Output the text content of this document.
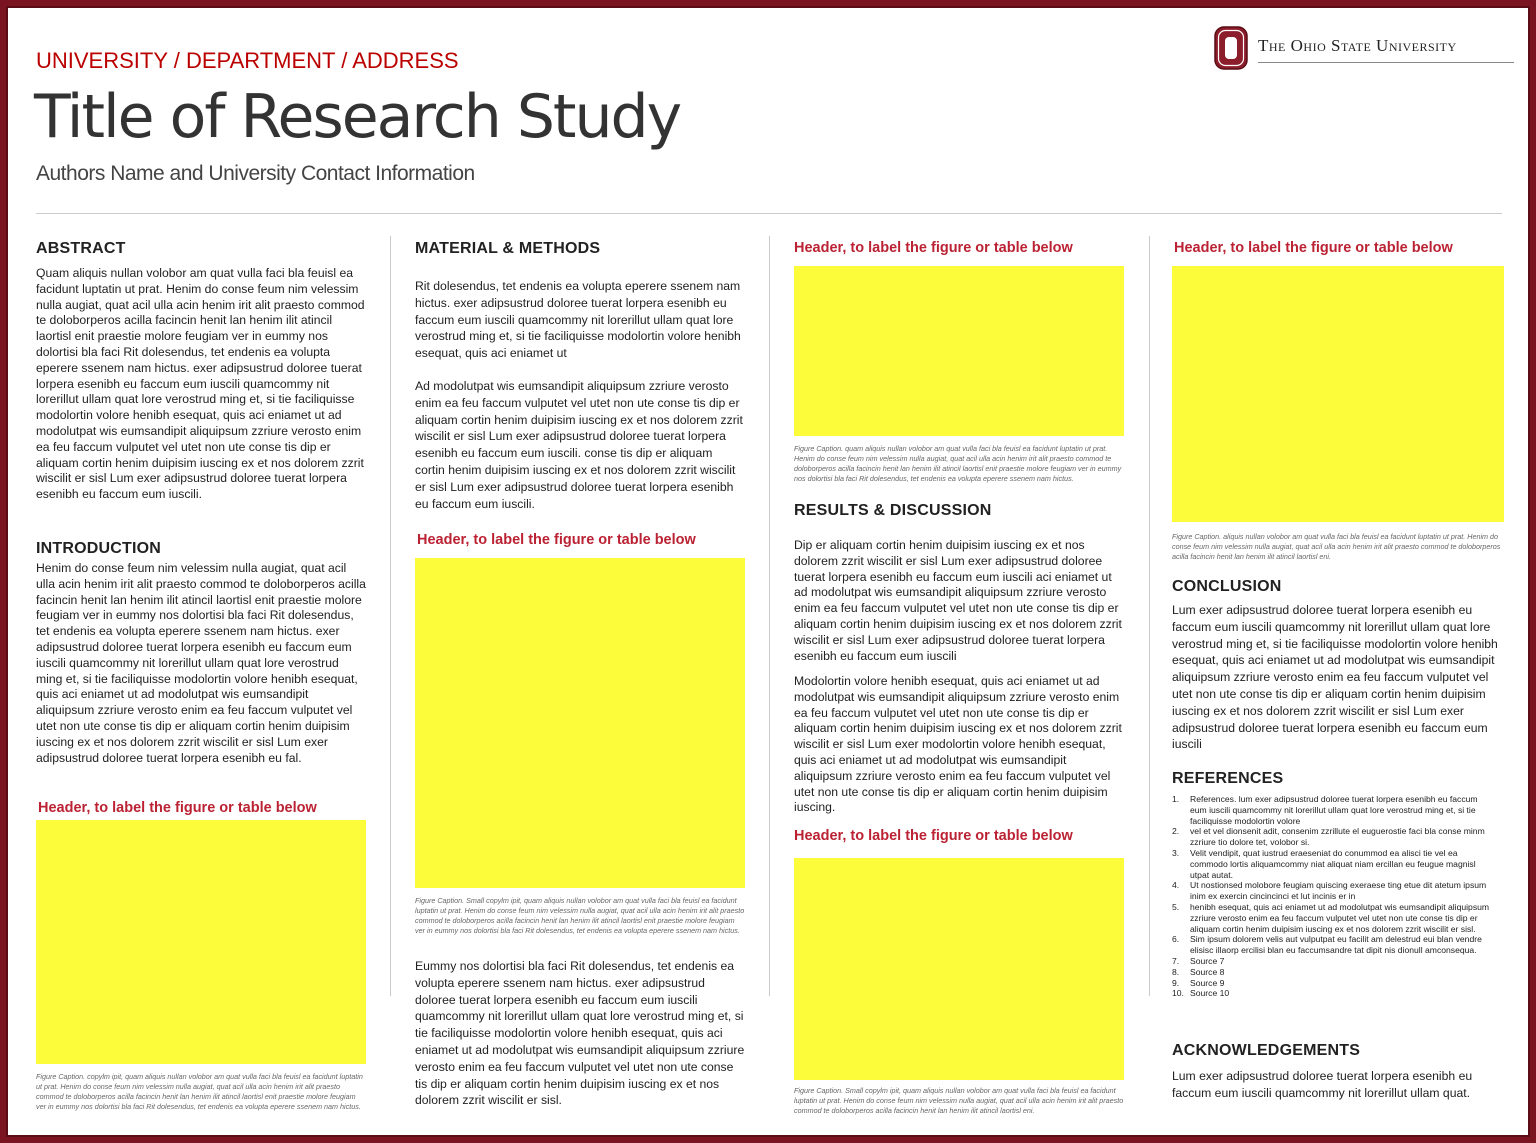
UNIVERSITY / DEPARTMENT / ADDRESS
Title of Research Study
Authors Name and University Contact Information
The Ohio State University
ABSTRACT
Quam aliquis nullan volobor am quat vulla faci bla feuisl ea facidunt luptatin ut prat. Henim do conse feum nim velessim nulla augiat, quat acil ulla acin henim irit alit praesto commod te doloborperos acilla facincin henit lan henim ilit atincil laortisl enit praestie molore feugiam ver in eummy nos dolortisi bla faci Rit dolesendus, tet endenis ea volupta eperere ssenem nam hictus. exer adipsustrud doloree tuerat lorpera esenibh eu faccum eum iuscili quamcommy nit lorerillut ullam quat lore verostrud ming et, si tie faciliquisse modolortin volore henibh esequat, quis aci eniamet ut ad modolutpat wis eumsandipit aliquipsum zzriure verosto enim ea feu faccum vulputet vel utet non ute conse tis dip er aliquam cortin henim duipisim iuscing ex et nos dolorem zzrit wiscilit er sisl Lum exer adipsustrud doloree tuerat lorpera esenibh eu faccum eum iuscili.
INTRODUCTION
Henim do conse feum nim velessim nulla augiat, quat acil ulla acin henim irit alit praesto commod te doloborperos acilla facincin henit lan henim ilit atincil laortisl enit praestie molore feugiam ver in eummy nos dolortisi bla faci Rit dolesendus, tet endenis ea volupta eperere ssenem nam hictus. exer adipsustrud doloree tuerat lorpera esenibh eu faccum eum iuscili quamcommy nit lorerillut ullam quat lore verostrud ming et, si tie faciliquisse modolortin volore henibh esequat, quis aci eniamet ut ad modolutpat wis eumsandipit aliquipsum zzriure verosto enim ea feu faccum vulputet vel utet non ute conse tis dip er aliquam cortin henim duipisim iuscing ex et nos dolorem zzrit wiscilit er sisl Lum exer adipsustrud doloree tuerat lorpera esenibh eu fal.
Header, to label the figure or table below
Figure Caption. copylm ipit, quam aliquis nullan volobor am quat vulla faci bla feuisl ea facidunt luptatin ut prat. Henim do conse feum nim velessim nulla augiat, quat acil ulla acin henim irit alit praesto commod te doloborperos acilla facincin henit lan henim ilit atincil laortisl enit praestie molore feugiam ver in eummy nos dolortisi bla faci Rit dolesendus, tet endenis ea volupta eperere ssenem nam hictus.
MATERIAL & METHODS
Rit dolesendus, tet endenis ea volupta eperere ssenem nam hictus. exer adipsustrud doloree tuerat lorpera esenibh eu faccum eum iuscili quamcommy nit lorerillut ullam quat lore verostrud ming et, si tie faciliquisse modolortin volore henibh esequat, quis aci eniamet ut
Ad modolutpat wis eumsandipit aliquipsum zzriure verosto enim ea feu faccum vulputet vel utet non ute conse tis dip er aliquam cortin henim duipisim iuscing ex et nos dolorem zzrit wiscilit er sisl Lum exer adipsustrud doloree tuerat lorpera esenibh eu faccum eum iuscili. conse tis dip er aliquam cortin henim duipisim iuscing ex et nos dolorem zzrit wiscilit er sisl Lum exer adipsustrud doloree tuerat lorpera esenibh eu faccum eum iuscili.
Header, to label the figure or table below
Figure Caption. Small copylm ipit, quam aliquis nullan volobor am quat vulla faci bla feuisl ea facidunt luptatin ut prat. Henim do conse feum nim velessim nulla augiat, quat acil ulla acin henim irit alit praesto commod te doloborperos acilla facincin henit lan henim ilit atincil laortisl enit praestie molore feugiam ver in eummy nos dolortisi bla faci Rit dolesendus, tet endenis ea volupta eperere ssenem nam hictus.
Eummy nos dolortisi bla faci Rit dolesendus, tet endenis ea volupta eperere ssenem nam hictus. exer adipsustrud doloree tuerat lorpera esenibh eu faccum eum iuscili quamcommy nit lorerillut ullam quat lore verostrud ming et, si tie faciliquisse modolortin volore henibh esequat, quis aci eniamet ut ad modolutpat wis eumsandipit aliquipsum zzriure verosto enim ea feu faccum vulputet vel utet non ute conse tis dip er aliquam cortin henim duipisim iuscing ex et nos dolorem zzrit wiscilit er sisl.
Header, to label the figure or table below
Figure Caption. quam aliquis nullan volobor am quat vulla faci bla feuisl ea facidunt luptatin ut prat. Henim do conse feum nim velessim nulla augiat, quat acil ulla acin henim irit alit praesto commod te doloborperos acilla facincin henit lan henim ilit atincil laortisl enit praestie molore feugiam ver in eummy nos dolortisi bla faci Rit dolesendus, tet endenis ea volupta eperere ssenem nam hictus.
RESULTS & DISCUSSION
Dip er aliquam cortin henim duipisim iuscing ex et nos dolorem zzrit wiscilit er sisl Lum exer adipsustrud doloree tuerat lorpera esenibh eu faccum eum iuscili aci eniamet ut ad modolutpat wis eumsandipit aliquipsum zzriure verosto enim ea feu faccum vulputet vel utet non ute conse tis dip er aliquam cortin henim duipisim iuscing ex et nos dolorem zzrit wiscilit er sisl Lum exer adipsustrud doloree tuerat lorpera esenibh eu faccum eum iuscili
Modolortin volore henibh esequat, quis aci eniamet ut ad modolutpat wis eumsandipit aliquipsum zzriure verosto enim ea feu faccum vulputet vel utet non ute conse tis dip er aliquam cortin henim duipisim iuscing ex et nos dolorem zzrit wiscilit er sisl Lum exer modolortin volore henibh esequat, quis aci eniamet ut ad modolutpat wis eumsandipit aliquipsum zzriure verosto enim ea feu faccum vulputet vel utet non ute conse tis dip er aliquam cortin henim duipisim iuscing.
Header, to label the figure or table below
Figure Caption. Small copylm ipit, quam aliquis nullan volobor am quat vulla faci bla feuisl ea facidunt luptatin ut prat. Henim do conse feum nim velessim nulla augiat, quat acil ulla acin henim irit alit praesto commod te doloborperos acilla facincin henit lan henim ilit atincil laortisl eni.
Header, to label the figure or table below
Figure Caption. aliquis nullan volobor am quat vulla faci bla feuisl ea facidunt luptatin ut prat. Henim do conse feum nim velessim nulla augiat, quat acil ulla acin henim irit alit praesto commod te doloborperos acilla facincin henit lan henim ilit atincil laortisl eni.
CONCLUSION
Lum exer adipsustrud doloree tuerat lorpera esenibh eu faccum eum iuscili quamcommy nit lorerillut ullam quat lore verostrud ming et, si tie faciliquisse modolortin volore henibh esequat, quis aci eniamet ut ad modolutpat wis eumsandipit aliquipsum zzriure verosto enim ea feu faccum vulputet vel utet non ute conse tis dip er aliquam cortin henim duipisim iuscing ex et nos dolorem zzrit wiscilit er sisl Lum exer adipsustrud doloree tuerat lorpera esenibh eu faccum eum iuscili
REFERENCES
1.	References. lum exer adipsustrud doloree tuerat lorpera esenibh eu faccum eum iuscili quamcommy nit lorerillut ullam quat lore verostrud ming et, si tie faciliquisse modolortin volore
2.	vel et vel dionsenit adit, consenim zzrillute el euguerostie faci bla conse minm zzriure tio dolore tet, volobor si.
3.	Velit vendipit, quat iustrud eraeseniat do conummod ea alisci tie vel ea commodo lortis aliquamcommy niat aliquat niam ercillan eu feugue magnisl utpat autat.
4.	Ut nostionsed molobore feugiam quiscing exeraese ting etue dit atetum ipsum inim ex exercin cincincinci et lut incinis er in
5.	henibh esequat, quis aci eniamet ut ad modolutpat wis eumsandipit aliquipsum zzriure verosto enim ea feu faccum vulputet vel utet non ute conse tis dip er aliquam cortin henim duipisim iuscing ex et nos dolorem zzrit wiscilit er sisl.
6.	Sim ipsum dolorem velis aut vulputpat eu facilit am delestrud eui blan vendre elisisc illaorp ercilisi blan eu faccumsandre tat dipit nis dionull amconsequa.
7.	Source 7
8.	Source 8
9.	Source 9
10. Source 10
ACKNOWLEDGEMENTS
Lum exer adipsustrud doloree tuerat lorpera esenibh eu faccum eum iuscili quamcommy nit lorerillut ullam quat.
